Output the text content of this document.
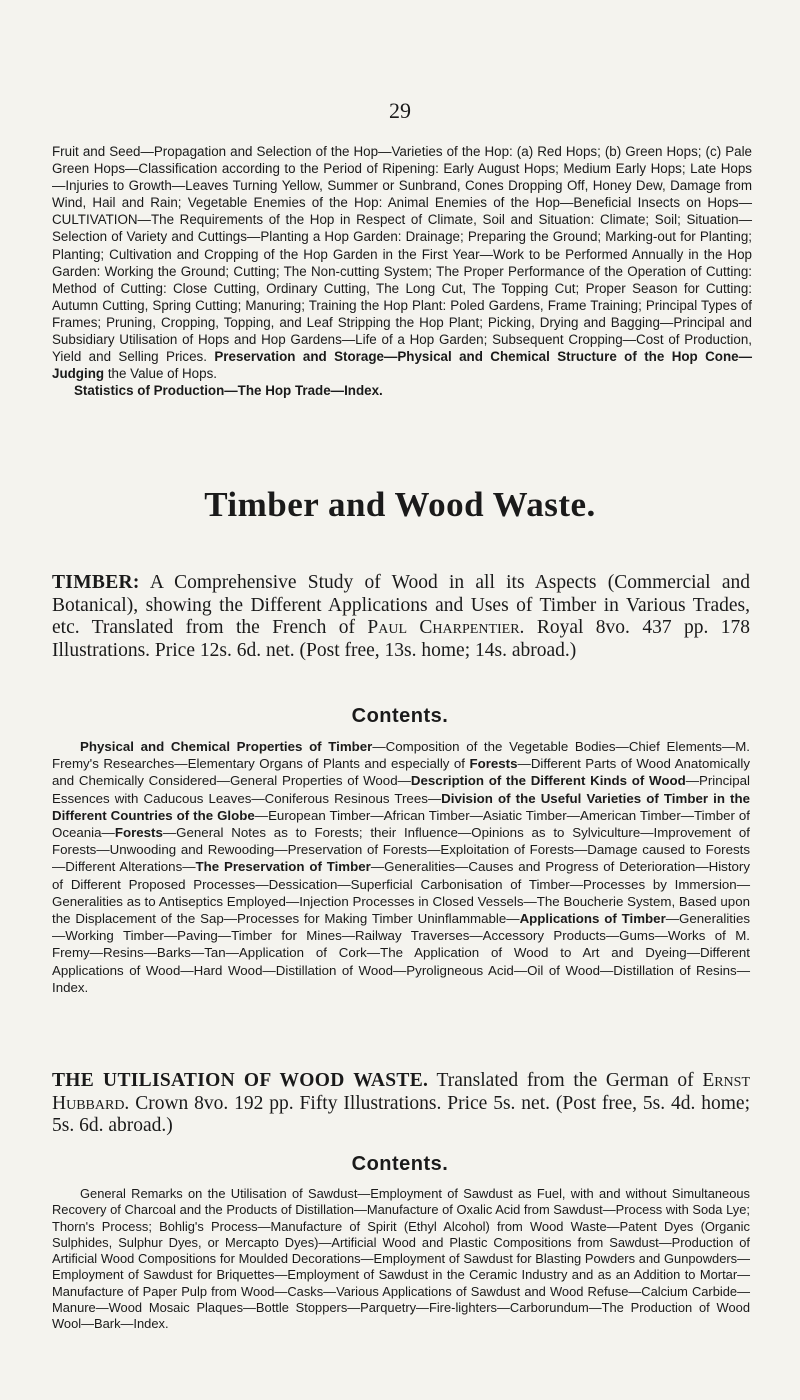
29
Fruit and Seed—Propagation and Selection of the Hop—Varieties of the Hop: (a) Red Hops; (b) Green Hops; (c) Pale Green Hops—Classification according to the Period of Ripening: Early August Hops; Medium Early Hops; Late Hops—Injuries to Growth—Leaves Turning Yellow, Summer or Sunbrand, Cones Dropping Off, Honey Dew, Damage from Wind, Hail and Rain; Vegetable Enemies of the Hop: Animal Enemies of the Hop—Beneficial Insects on Hops—CULTIVATION—The Requirements of the Hop in Respect of Climate, Soil and Situation: Climate; Soil; Situation—Selection of Variety and Cuttings—Planting a Hop Garden: Drainage; Preparing the Ground; Marking-out for Planting; Planting; Cultivation and Cropping of the Hop Garden in the First Year—Work to be Performed Annually in the Hop Garden: Working the Ground; Cutting; The Non-cutting System; The Proper Performance of the Operation of Cutting: Method of Cutting: Close Cutting, Ordinary Cutting, The Long Cut, The Topping Cut; Proper Season for Cutting: Autumn Cutting, Spring Cutting; Manuring; Training the Hop Plant: Poled Gardens, Frame Training; Principal Types of Frames; Pruning, Cropping, Topping, and Leaf Stripping the Hop Plant; Picking, Drying and Bagging—Principal and Subsidiary Utilisation of Hops and Hop Gardens—Life of a Hop Garden; Subsequent Cropping—Cost of Production, Yield and Selling Prices. Preservation and Storage—Physical and Chemical Structure of the Hop Cone—Judging the Value of Hops.
Statistics of Production—The Hop Trade—Index.
Timber and Wood Waste.
TIMBER: A Comprehensive Study of Wood in all its Aspects (Commercial and Botanical), showing the Different Applications and Uses of Timber in Various Trades, etc. Translated from the French of Paul Charpentier. Royal 8vo. 437 pp. 178 Illustrations. Price 12s. 6d. net. (Post free, 13s. home; 14s. abroad.)
Contents.
Physical and Chemical Properties of Timber—Composition of the Vegetable Bodies—Chief Elements—M. Fremy's Researches—Elementary Organs of Plants and especially of Forests—Different Parts of Wood Anatomically and Chemically Considered—General Properties of Wood—Description of the Different Kinds of Wood—Principal Essences with Caducous Leaves—Coniferous Resinous Trees—Division of the Useful Varieties of Timber in the Different Countries of the Globe—European Timber—African Timber—Asiatic Timber—American Timber—Timber of Oceania—Forests—General Notes as to Forests; their Influence—Opinions as to Sylviculture—Improvement of Forests—Unwooding and Rewooding—Preservation of Forests—Exploitation of Forests—Damage caused to Forests—Different Alterations—The Preservation of Timber—Generalities—Causes and Progress of Deterioration—History of Different Proposed Processes—Dessication—Superficial Carbonisation of Timber—Processes by Immersion—Generalities as to Antiseptics Employed—Injection Processes in Closed Vessels—The Boucherie System, Based upon the Displacement of the Sap—Processes for Making Timber Uninflammable—Applications of Timber—Generalities—Working Timber—Paving—Timber for Mines—Railway Traverses—Accessory Products—Gums—Works of M. Fremy—Resins—Barks—Tan—Application of Cork—The Application of Wood to Art and Dyeing—Different Applications of Wood—Hard Wood—Distillation of Wood—Pyroligneous Acid—Oil of Wood—Distillation of Resins—Index.
THE UTILISATION OF WOOD WASTE. Translated from the German of Ernst Hubbard. Crown 8vo. 192 pp. Fifty Illustrations. Price 5s. net. (Post free, 5s. 4d. home; 5s. 6d. abroad.)
Contents.
General Remarks on the Utilisation of Sawdust—Employment of Sawdust as Fuel, with and without Simultaneous Recovery of Charcoal and the Products of Distillation—Manufacture of Oxalic Acid from Sawdust—Process with Soda Lye; Thorn's Process; Bohlig's Process—Manufacture of Spirit (Ethyl Alcohol) from Wood Waste—Patent Dyes (Organic Sulphides, Sulphur Dyes, or Mercapto Dyes)—Artificial Wood and Plastic Compositions from Sawdust—Production of Artificial Wood Compositions for Moulded Decorations—Employment of Sawdust for Blasting Powders and Gunpowders—Employment of Sawdust for Briquettes—Employment of Sawdust in the Ceramic Industry and as an Addition to Mortar—Manufacture of Paper Pulp from Wood—Casks—Various Applications of Sawdust and Wood Refuse—Calcium Carbide—Manure—Wood Mosaic Plaques—Bottle Stoppers—Parquetry—Fire-lighters—Carborundum—The Production of Wood Wool—Bark—Index.
